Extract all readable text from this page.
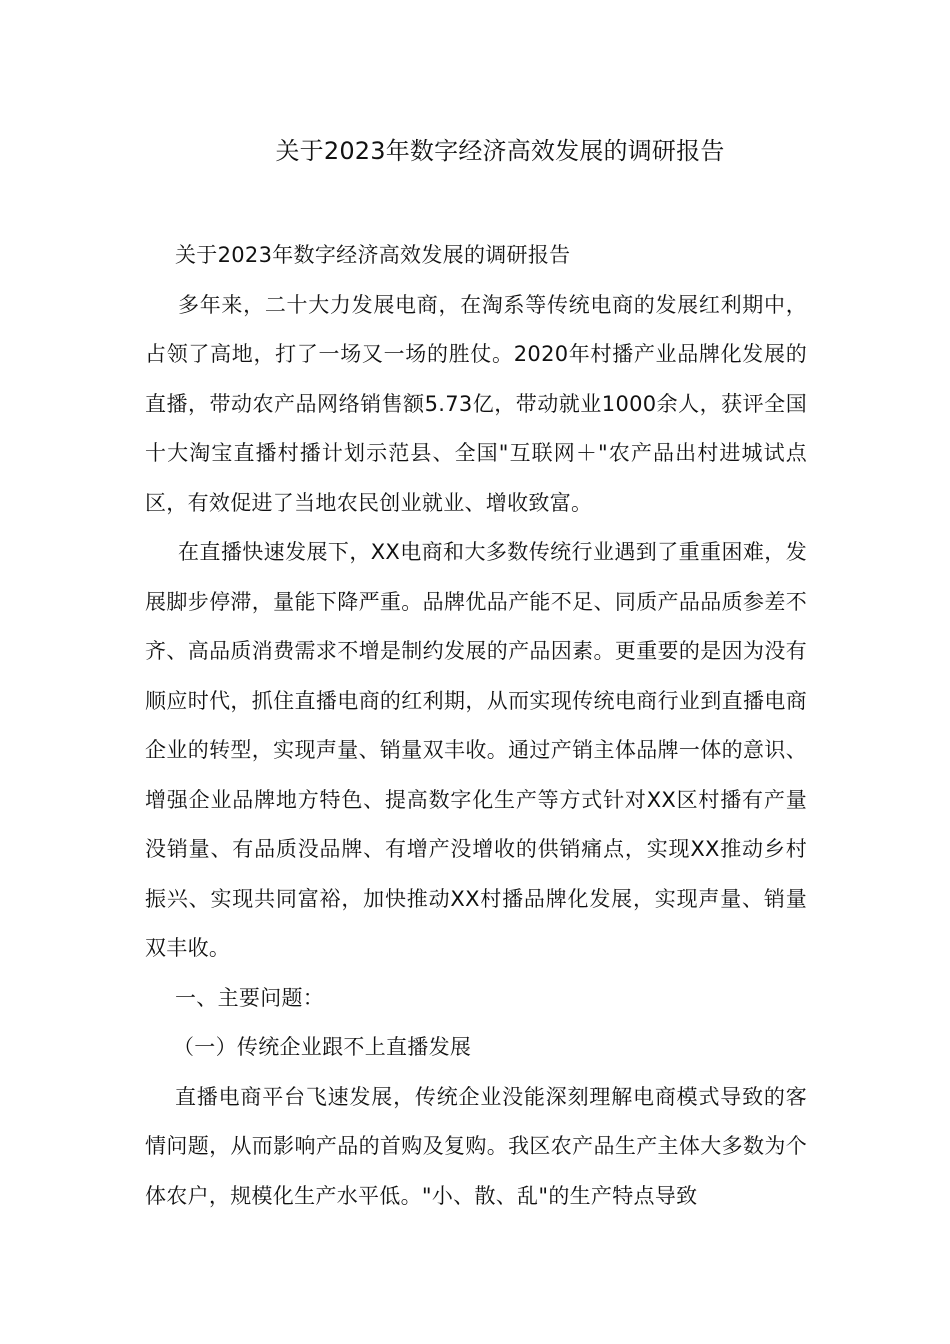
关于2023年数字经济高效发展的调研报告

关于2023年数字经济高效发展的调研报告

多年来，二十大力发展电商，在淘系等传统电商的发展红利期中，占领了高地，打了一场又一场的胜仗。2020年村播产业品牌化发展的直播，带动农产品网络销售额5.73亿，带动就业1000余人，获评全国十大淘宝直播村播计划示范县、全国"互联网＋"农产品出村进城试点区，有效促进了当地农民创业就业、增收致富。

在直播快速发展下，XX电商和大多数传统行业遇到了重重困难，发展脚步停滞，量能下降严重。品牌优品产能不足、同质产品品质参差不齐、高品质消费需求不增是制约发展的产品因素。更重要的是因为没有顺应时代，抓住直播电商的红利期，从而实现传统电商行业到直播电商企业的转型，实现声量、销量双丰收。通过产销主体品牌一体的意识、增强企业品牌地方特色、提高数字化生产等方式针对XX区村播有产量没销量、有品质没品牌、有增产没增收的供销痛点，实现XX推动乡村振兴、实现共同富裕，加快推动XX村播品牌化发展，实现声量、销量双丰收。

一、主要问题：

（一）传统企业跟不上直播发展

直播电商平台飞速发展，传统企业没能深刻理解电商模式导致的客情问题，从而影响产品的首购及复购。我区农产品生产主体大多数为个体农户，规模化生产水平低。"小、散、乱"的生产特点导致
